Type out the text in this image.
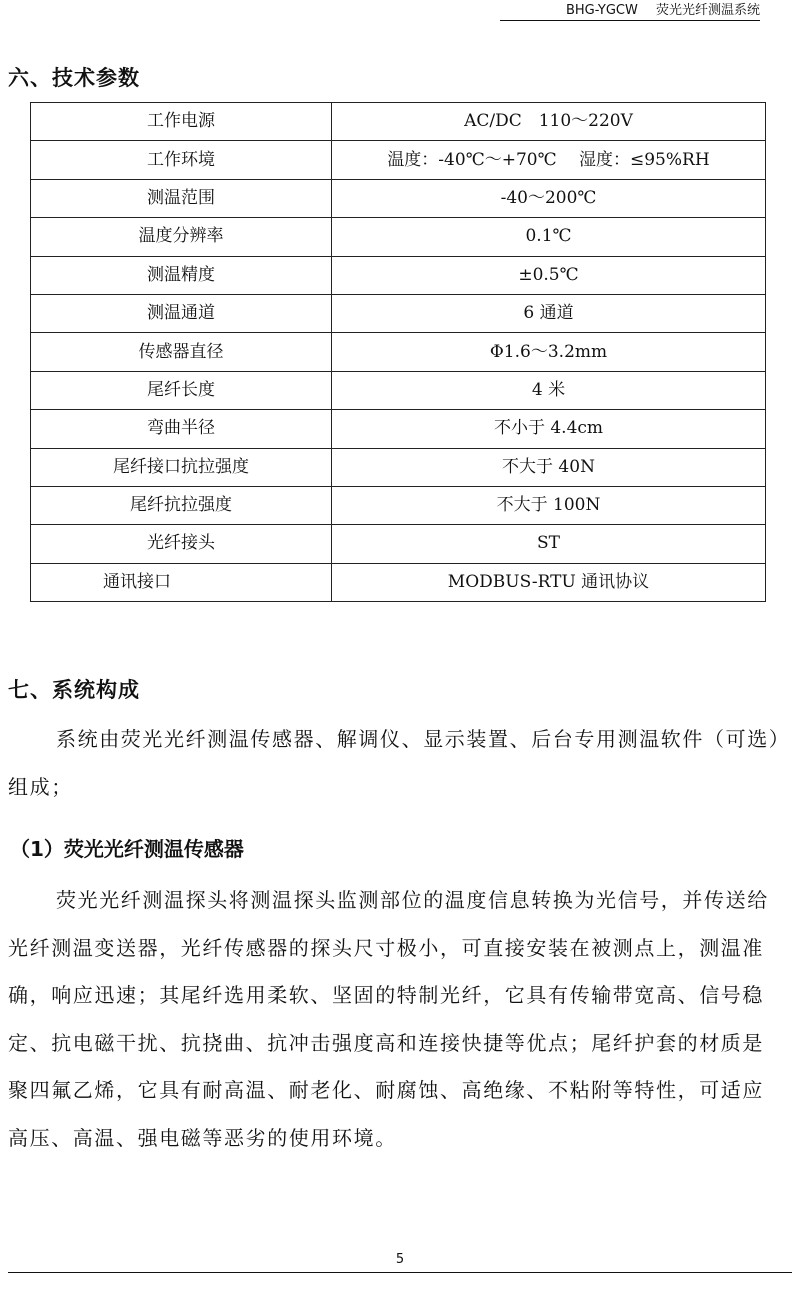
BHG-YGCW 荧光光纤测温系统
六、技术参数
工作电源	AC/DC　110～220V
工作环境	温度：-40℃～+70℃　 湿度：≤95%RH
测温范围	-40～200℃
温度分辨率	0.1℃
测温精度	±0.5℃
测温通道	6 通道
传感器直径	Φ1.6～3.2mm
尾纤长度	4 米
弯曲半径	不小于 4.4cm
尾纤接口抗拉强度	不大于 40N
尾纤抗拉强度	不大于 100N
光纤接头	ST
通讯接口	MODBUS-RTU 通讯协议
七、系统构成

系统由荧光光纤测温传感器、解调仪、显示装置、后台专用测温软件（可选）组成；

（1）荧光光纤测温传感器

荧光光纤测温探头将测温探头监测部位的温度信息转换为光信号，并传送给光纤测温变送器，光纤传感器的探头尺寸极小，可直接安装在被测点上，测温准确，响应迅速；其尾纤选用柔软、坚固的特制光纤，它具有传输带宽高、信号稳定、抗电磁干扰、抗挠曲、抗冲击强度高和连接快捷等优点；尾纤护套的材质是聚四氟乙烯，它具有耐高温、耐老化、耐腐蚀、高绝缘、不粘附等特性，可适应高压、高温、强电磁等恶劣的使用环境。

5
